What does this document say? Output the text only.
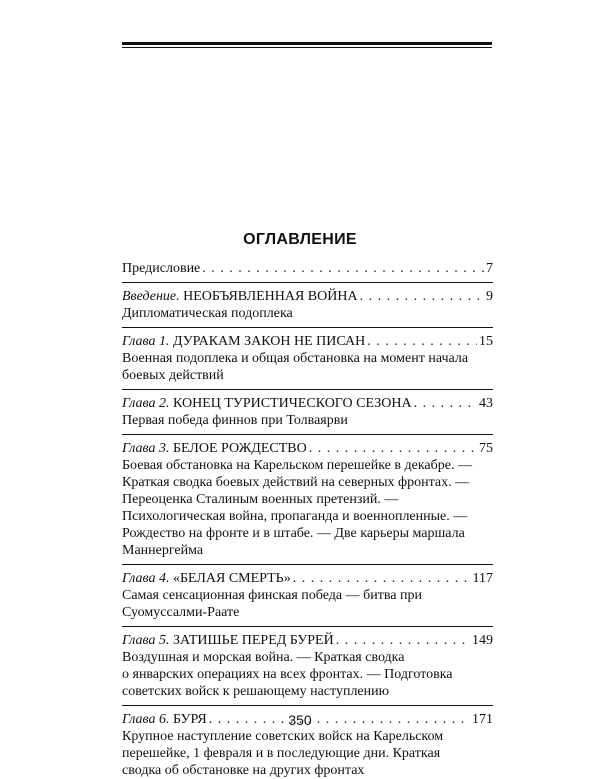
ОГЛАВЛЕНИЕ
Предисловие . . .	7
Введение. НЕОБЪЯВЛЕННАЯ ВОЙНА . . .	9
Дипломатическая подоплека
Глава 1. ДУРАКАМ ЗАКОН НЕ ПИСАН . . .	15
Военная подоплека и общая обстановка на момент начала
боевых действий
Глава 2. КОНЕЦ ТУРИСТИЧЕСКОГО СЕЗОНА . . .	43
Первая победа финнов при Толваярви
Глава 3. БЕЛОЕ РОЖДЕСТВО . . .	75
Боевая обстановка на Карельском перешейке в декабре. —
Краткая сводка боевых действий на северных фронтах. —
Переоценка Сталиным военных претензий. —
Психологическая война, пропаганда и военнопленные. —
Рождество на фронте и в штабе. — Две карьеры маршала
Маннергейма
Глава 4. «БЕЛАЯ СМЕРТЬ» . . .	117
Самая сенсационная финская победа — битва при
Суомуссалми-Раате
Глава 5. ЗАТИШЬЕ ПЕРЕД БУРЕЙ . . .	149
Воздушная и морская война. — Краткая сводка
о январских операциях на всех фронтах. — Подготовка
советских войск к решающему наступлению
Глава 6. БУРЯ . . .	171
Крупное наступление советских войск на Карельском
перешейке, 1 февраля и в последующие дни. Краткая
сводка об обстановке на других фронтах
350
